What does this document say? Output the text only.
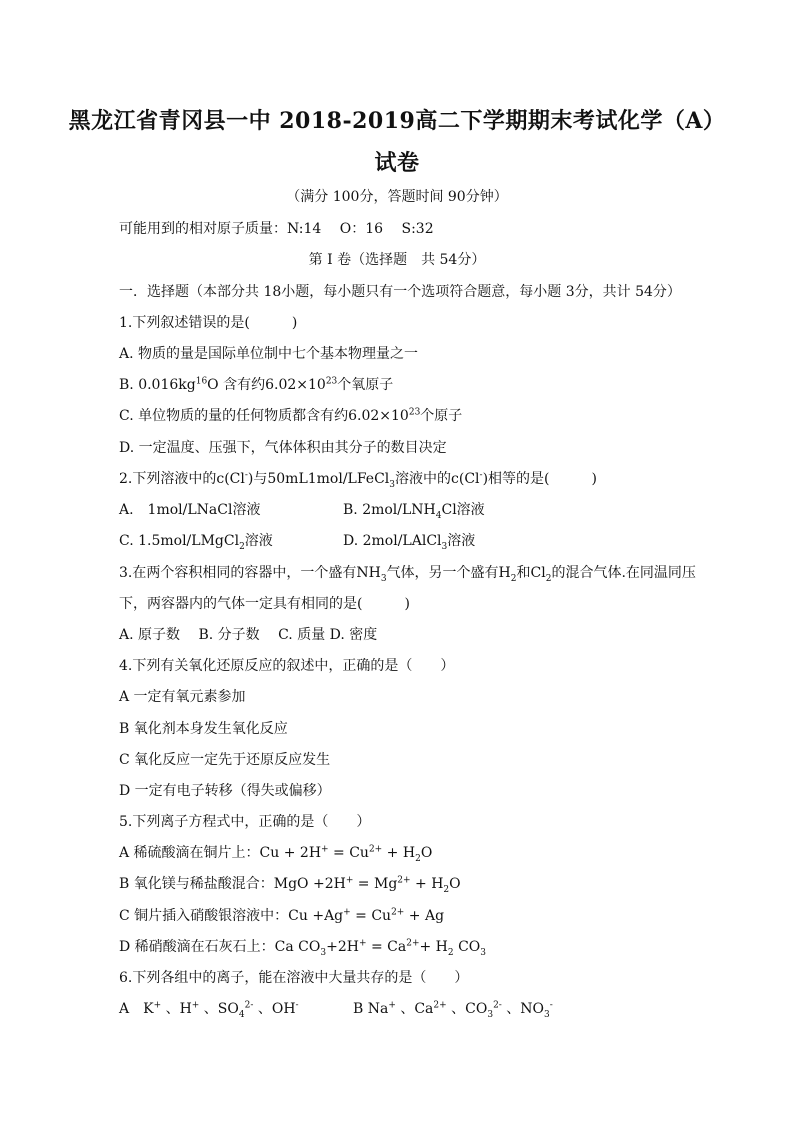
黑龙江省青冈县一中 2018-2019高二下学期期末考试化学（A）
试卷
（满分 100分，答题时间 90分钟）
可能用到的相对原子质量：N:14　 O：16　 S:32
第 I 卷（选择题　共 54分）
一．选择题（本部分共 18小题，每小题只有一个选项符合题意，每小题 3分，共计 54分）
1.下列叙述错误的是(　　　)
A. 物质的量是国际单位制中七个基本物理量之一
B. $0.016kg^{16}O$ 含有约$6.02\times 10^{23}$个氧原子
C. 单位物质的量的任何物质都含有约$6.02\times 10^{23}$个原子
D. 一定温度、压强下，气体体积由其分子的数目决定
2.下列溶液中的c(Cl-)与50mL1mol/LFeCl$_3$溶液中的c(Cl-)相等的是(　　　)
A.　1mol/LNaCl溶液	B. $2mol/LNH_4Cl$溶液
C. 1.5mol/LMgCl$_2$溶液	D. 2mol/LAlCl$_3$溶液
3.在两个容积相同的容器中，一个盛有$NH_3$气体，另一个盛有$H_2$和$Cl_2$的混合气体.在同温同压
下，两容器内的气体一定具有相同的是(　　　)
A. 原子数　 B. 分子数　 C. 质量 D. 密度
4.下列有关氧化还原反应的叙述中，正确的是（　　）
A 一定有氧元素参加
B 氧化剂本身发生氧化反应
C 氧化反应一定先于还原反应发生
D 一定有电子转移（得失或偏移）
5.下列离子方程式中，正确的是（　　）
A 稀硫酸滴在铜片上：$Cu + 2H^+ = Cu^{2+} + H_2O$
B 氧化镁与稀盐酸混合：MgO $+2H^+ = Mg^{2+} + H_2O$
C 铜片插入硝酸银溶液中：$Cu +Ag^+ = Cu^{2+} + Ag$
D 稀硝酸滴在石灰石上：Ca $CO_3+2H^+ = Ca^{2+}+ H_2$ $CO_3$
6.下列各组中的离子，能在溶液中大量共存的是（　　）
A　K+ 、H+ 、$SO_4^{2-}$ 、OH-	B Na+ 、$Ca^{2+}$ 、$CO_3^{2-}$ 、$NO_3^-$
